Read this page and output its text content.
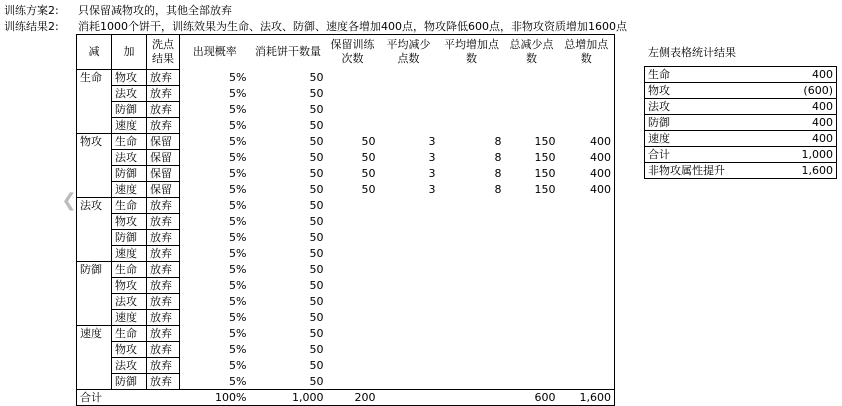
训练方案2: 只保留减物攻的，其他全部放弃
训练结果2: 消耗1000个饼干，训练效果为生命、法攻、防御、速度各增加400点，物攻降低600点，非物攻资质增加1600点
减	加	洗点结果	出现概率	消耗饼干数量	保留训练次数	平均减少点数	平均增加点数	总减少点数	总增加点数
生命	物攻	放弃	5%	50					
	法攻	放弃	5%	50					
	防御	放弃	5%	50					
	速度	放弃	5%	50					
物攻	生命	保留	5%	50	50	3	8	150	400
	法攻	保留	5%	50	50	3	8	150	400
	防御	保留	5%	50	50	3	8	150	400
	速度	保留	5%	50	50	3	8	150	400
法攻	生命	放弃	5%	50					
	物攻	放弃	5%	50					
	防御	放弃	5%	50					
	速度	放弃	5%	50					
防御	生命	放弃	5%	50					
	物攻	放弃	5%	50					
	法攻	放弃	5%	50					
	速度	放弃	5%	50					
速度	生命	放弃	5%	50					
	物攻	放弃	5%	50					
	法攻	放弃	5%	50					
	防御	放弃	5%	50					
合计			100%	1,000	200			600	1,600
左侧表格统计结果
生命	400
物攻	(600)
法攻	400
防御	400
速度	400
合计	1,000
非物攻属性提升	1,600
❮
